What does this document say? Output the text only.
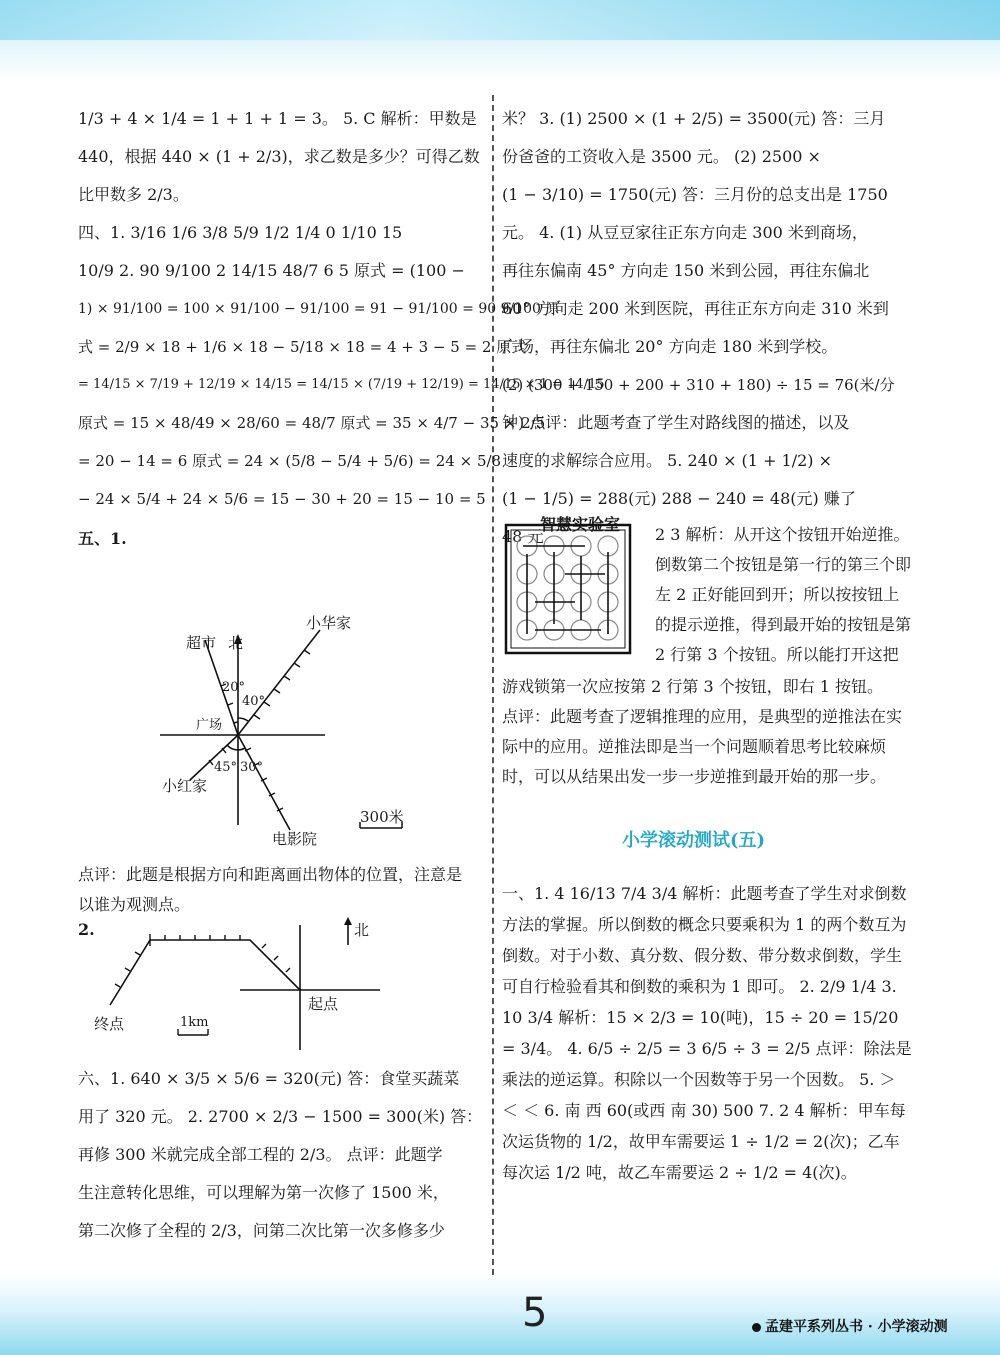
1/3 + 4 × 1/4 = 1 + 1 + 1 = 3。 5. C 解析：甲数是
440，根据 440 × (1 + 2/3)，求乙数是多少？可得乙数
比甲数多 2/3。
四、1. 3/16 1/6 3/8 5/9 1/2 1/4 0 1/10 15
10/9 2. 90 9/100 2 14/15 48/7 6 5 原式 = (100 −
1) × 91/100 = 100 × 91/100 − 91/100 = 91 − 91/100 = 90 9/100 原
式 = 2/9 × 18 + 1/6 × 18 − 5/18 × 18 = 4 + 3 − 5 = 2 原式
= 14/15 × 7/19 + 12/19 × 14/15 = 14/15 × (7/19 + 12/19) = 14/15 × 1 = 14/15
原式 = 15 × 48/49 × 28/60 = 48/7 原式 = 35 × 4/7 − 35 × 2/5
= 20 − 14 = 6 原式 = 24 × (5/8 − 5/4 + 5/6) = 24 × 5/8
− 24 × 5/4 + 24 × 5/6 = 15 − 30 + 20 = 15 − 10 = 5
五、1.
超市 北
小华家
广场
小红家
电影院
20°
40°
45° 30°
300米
点评：此题是根据方向和距离画出物体的位置，注意是以谁为观测点。
2.	北
起点
终点	1km
六、1. 640 × 3/5 × 5/6 = 320(元) 答：食堂买蔬菜
用了 320 元。 2. 2700 × 2/3 − 1500 = 300(米) 答：
再修 300 米就完成全部工程的 2/3。 点评：此题学
生注意转化思维，可以理解为第一次修了 1500 米，
第二次修了全程的 2/3，问第二次比第一次多修多少
米？ 3. (1) 2500 × (1 + 2/5) = 3500(元) 答：三月
份爸爸的工资收入是 3500 元。 (2) 2500 ×
(1 − 3/10) = 1750(元) 答：三月份的总支出是 1750
元。 4. (1) 从豆豆家往正东方向走 300 米到商场，
再往东偏南 45° 方向走 150 米到公园，再往东偏北
60° 方向走 200 米到医院，再往正东方向走 310 米到
广场，再往东偏北 20° 方向走 180 米到学校。
(2) (300 + 150 + 200 + 310 + 180) ÷ 15 = 76(米/分
钟) 点评：此题考查了学生对路线图的描述，以及
速度的求解综合应用。 5. 240 × (1 + 1/2) ×
(1 − 1/5) = 288(元) 288 − 240 = 48(元) 赚了
48 元
智慧实验室
2 3 解析：从开这个按钮开始逆推。倒数第二个按钮是第一行的第三个即左 2 正好能回到开；所以按按钮上的提示逆推，得到最开始的按钮是第 2 行第 3 个按钮。所以能打开这把
游戏锁第一次应按第 2 行第 3 个按钮，即右 1 按钮。
点评：此题考查了逻辑推理的应用，是典型的逆推法在实际中的应用。逆推法即是当一个问题顺着思考比较麻烦时，可以从结果出发一步一步逆推到最开始的那一步。
小学滚动测试(五)
一、1. 4 16/13 7/4 3/4 解析：此题考查了学生对求倒数方法的掌握。所以倒数的概念只要乘积为 1 的两个数互为倒数。对于小数、真分数、假分数、带分数求倒数，学生可自行检验看其和倒数的乘积为 1 即可。 2. 2/9 1/4 3. 10 3/4 解析：15 × 2/3 = 10(吨)，15 ÷ 20 = 15/20 = 3/4。 4. 6/5 ÷ 2/5 = 3 6/5 ÷ 3 = 2/5 点评：除法是乘法的逆运算。积除以一个因数等于另一个因数。 5. ＞ ＜ ＜ 6. 南 西 60(或西 南 30) 500 7. 2 4 解析：甲车每次运货物的 1/2，故甲车需要运 1 ÷ 1/2 = 2(次)；乙车每次运 1/2 吨，故乙车需要运 2 ÷ 1/2 = 4(次)。
5	孟建平系列丛书 · 小学滚动测
